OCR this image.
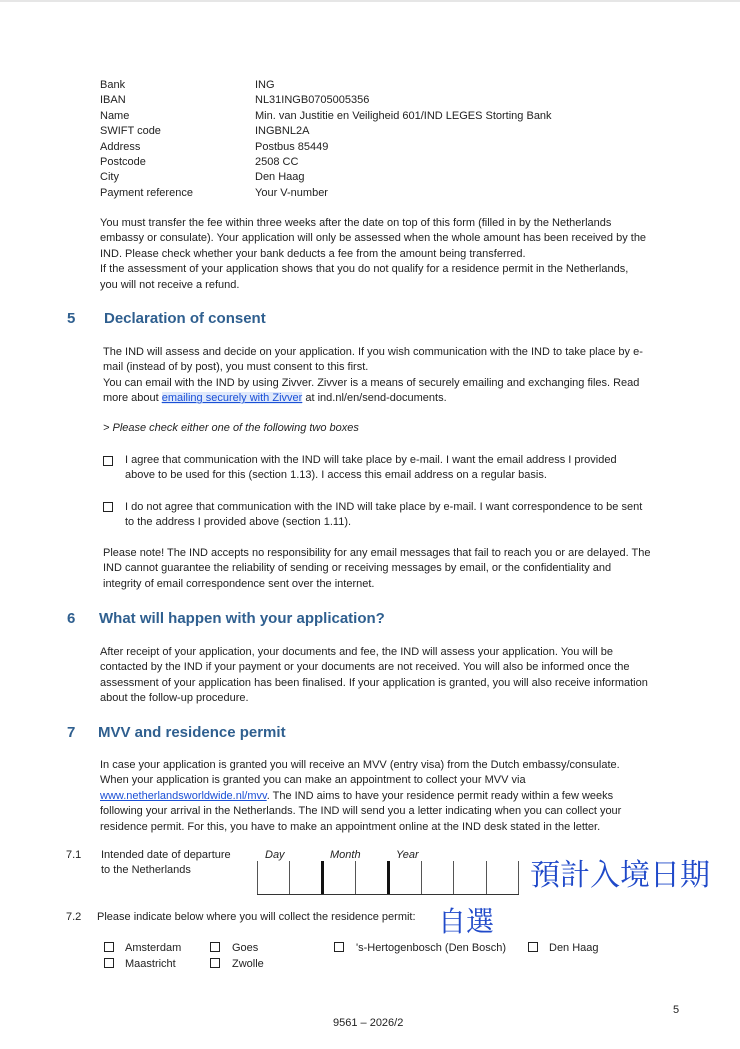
Bank	ING
IBAN	NL31INGB0705005356
Name	Min. van Justitie en Veiligheid 601/IND LEGES Storting Bank
SWIFT code	INGBNL2A
Address	Postbus 85449
Postcode	2508 CC
City	Den Haag
Payment reference	Your V-number
You must transfer the fee within three weeks after the date on top of this form (filled in by the Netherlands
embassy or consulate). Your application will only be assessed when the whole amount has been received by the
IND. Please check whether your bank deducts a fee from the amount being transferred.
If the assessment of your application shows that you do not qualify for a residence permit in the Netherlands,
you will not receive a refund.
5 Declaration of consent
The IND will assess and decide on your application. If you wish communication with the IND to take place by e-
mail (instead of by post), you must consent to this first.
You can email with the IND by using Zivver. Zivver is a means of securely emailing and exchanging files. Read
more about emailing securely with Zivver at ind.nl/en/send-documents.
> Please check either one of the following two boxes
I agree that communication with the IND will take place by e-mail. I want the email address I provided
above to be used for this (section 1.13). I access this email address on a regular basis.
I do not agree that communication with the IND will take place by e-mail. I want correspondence to be sent
to the address I provided above (section 1.11).
Please note! The IND accepts no responsibility for any email messages that fail to reach you or are delayed. The
IND cannot guarantee the reliability of sending or receiving messages by email, or the confidentiality and
integrity of email correspondence sent over the internet.
6 What will happen with your application?
After receipt of your application, your documents and fee, the IND will assess your application. You will be
contacted by the IND if your payment or your documents are not received. You will also be informed once the
assessment of your application has been finalised. If your application is granted, you will also receive information
about the follow-up procedure.
7 MVV and residence permit
In case your application is granted you will receive an MVV (entry visa) from the Dutch embassy/consulate.
When your application is granted you can make an appointment to collect your MVV via
www.netherlandsworldwide.nl/mvv. The IND aims to have your residence permit ready within a few weeks
following your arrival in the Netherlands. The IND will send you a letter indicating when you can collect your
residence permit. For this, you have to make an appointment online at the IND desk stated in the letter.
7.1 Intended date of departure
to the Netherlands
Day	Month	Year
預計入境日期
7.2 Please indicate below where you will collect the residence permit: 自選
Amsterdam	Goes	's-Hertogenbosch (Den Bosch)	Den Haag
Maastricht	Zwolle
5
9561 – 2026/2
